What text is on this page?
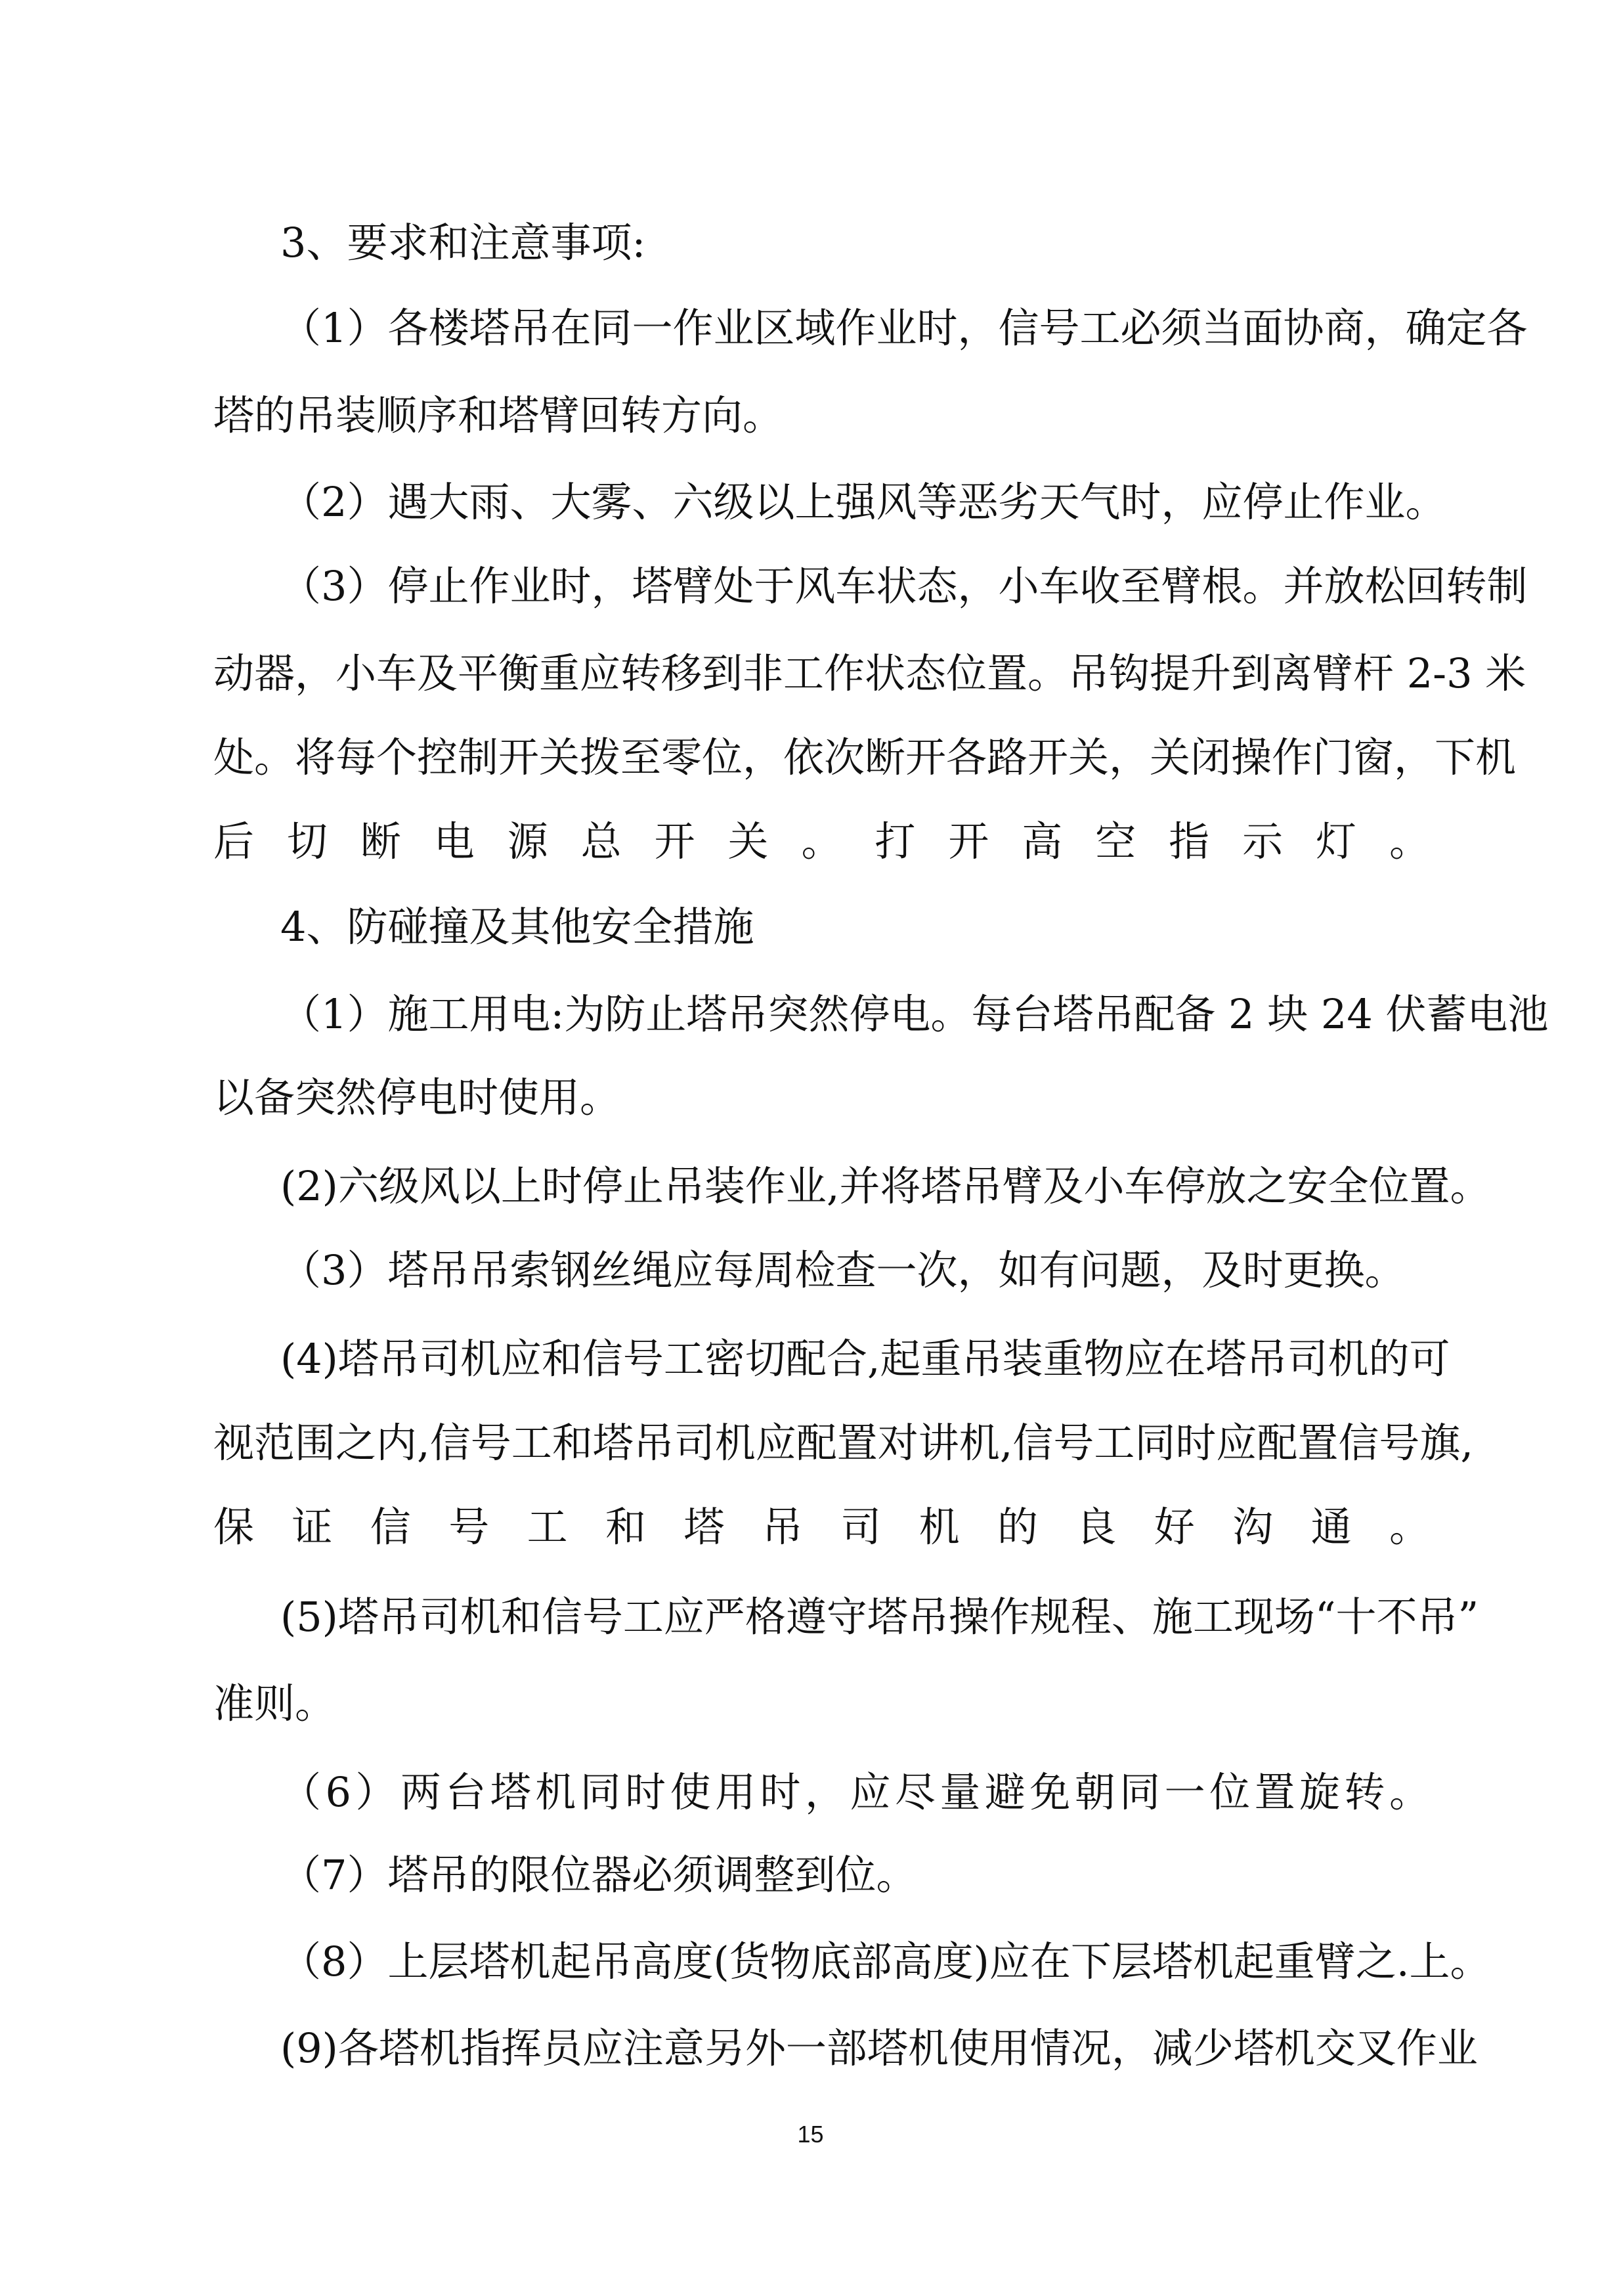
3、要求和注意事项:
（1）各楼塔吊在同一作业区域作业时，信号工必须当面协商，确定各
塔的吊装顺序和塔臂回转方向。
（2）遇大雨、大雾、六级以上强风等恶劣天气时，应停止作业。
（3）停止作业时，塔臂处于风车状态，小车收至臂根。并放松回转制
动器，小车及平衡重应转移到非工作状态位置。吊钩提升到离臂杆 2-3 米
处。将每个控制开关拨至零位，依次断开各路开关，关闭操作门窗，下机
后切断电源总开关。打开高空指示灯。
4、防碰撞及其他安全措施
（1）施工用电:为防止塔吊突然停电。每台塔吊配备 2 块 24 伏蓄电池
以备突然停电时使用。
(2)六级风以上时停止吊装作业,并将塔吊臂及小车停放之安全位置。
（3）塔吊吊索钢丝绳应每周检查一次，如有问题，及时更换。
(4)塔吊司机应和信号工密切配合,起重吊装重物应在塔吊司机的可
视范围之内,信号工和塔吊司机应配置对讲机,信号工同时应配置信号旗,
保证信号工和塔吊司机的良好沟通。
(5)塔吊司机和信号工应严格遵守塔吊操作规程、施工现场“十不吊”
准则。
（6）两台塔机同时使用时，应尽量避免朝同一位置旋转。
（7）塔吊的限位器必须调整到位。
（8）上层塔机起吊高度(货物底部高度)应在下层塔机起重臂之.上。
(9)各塔机指挥员应注意另外一部塔机使用情况，减少塔机交叉作业
15
